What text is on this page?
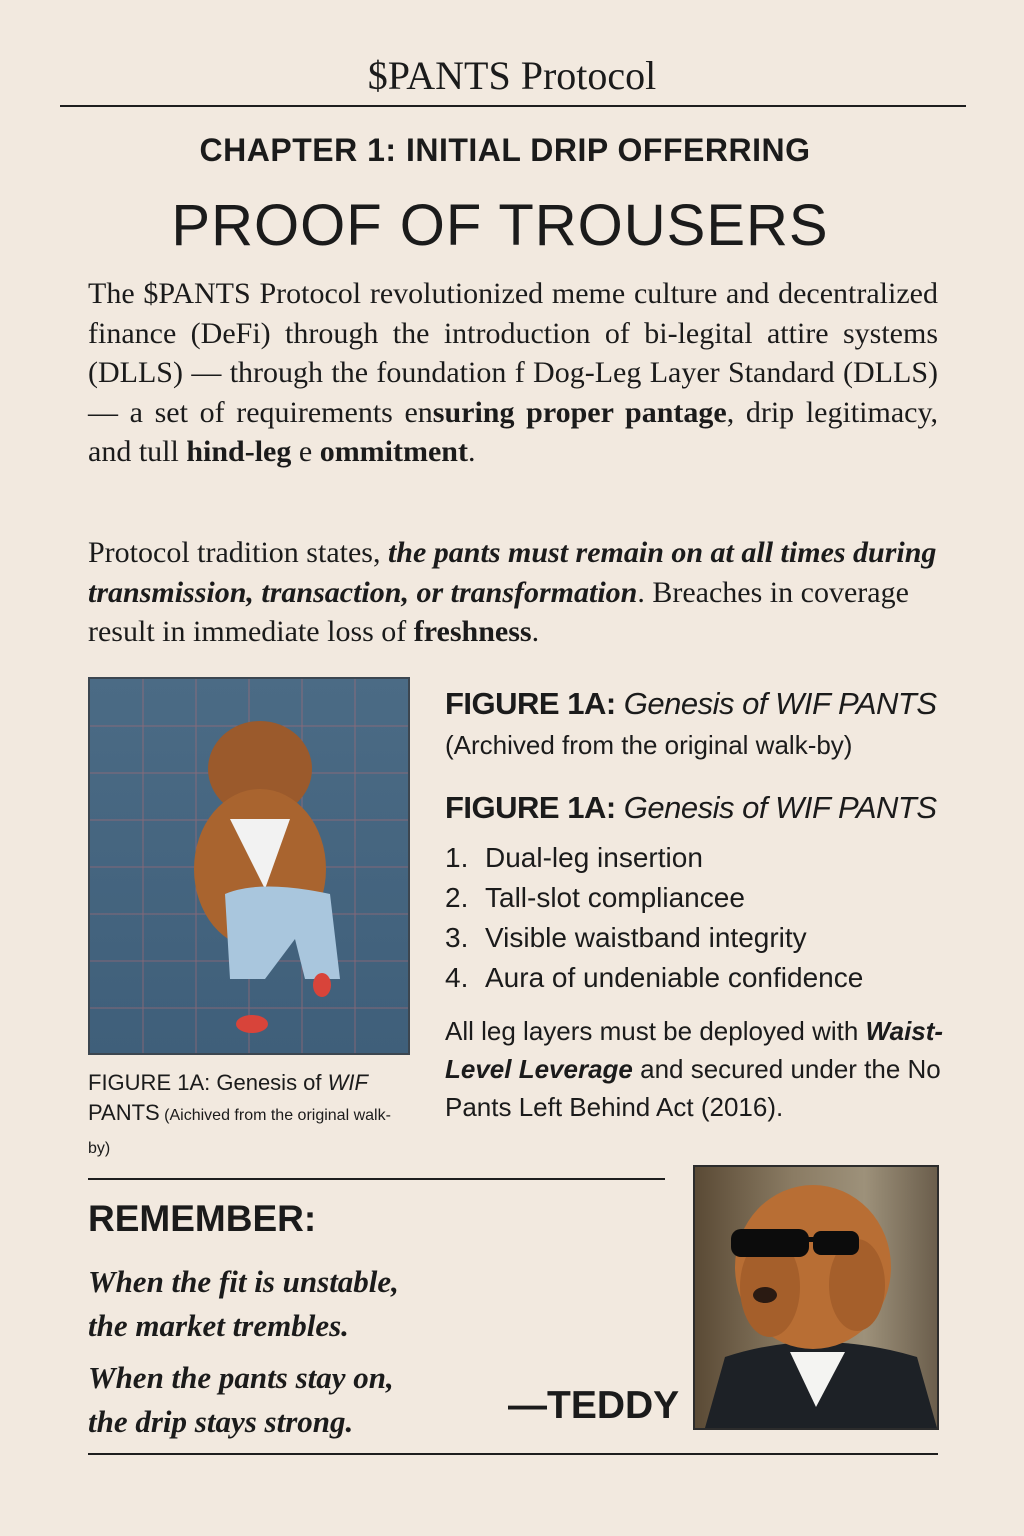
$PANTS Protocol
CHAPTER 1: INITIAL DRIP OFFERRING
PROOF OF TROUSERS
The $PANTS Protocol revolutionized meme culture and decentralized finance (DeFi) through the introduction of bi-legital attire systems (DLLS) — through the foundation f Dog-Leg Layer Standard (DLLS) — a set of requirements ensuring proper pantage, drip legitimacy, and tull hind-leg e ommitment.
Protocol tradition states, the pants must remain on at all times during transmission, transaction, or transformation. Breaches in coverage result in immediate loss of freshness.
FIGURE 1A: Genesis of WIF PANTS (Aichived from the original walk-by)
FIGURE 1A: Genesis of WIF PANTS
(Archived from the original walk-by)
FIGURE 1A: Genesis of WIF PANTS
1. Dual-leg insertion
2. Tall-slot compliancee
3. Visible waistband integrity
4. Aura of undeniable confidence
All leg layers must be deployed with Waist-Level Leverage and secured under the No Pants Left Behind Act (2016).
REMEMBER:
When the fit is unstable,
the market trembles.
When the pants stay on,
the drip stays strong.	—TEDDY
